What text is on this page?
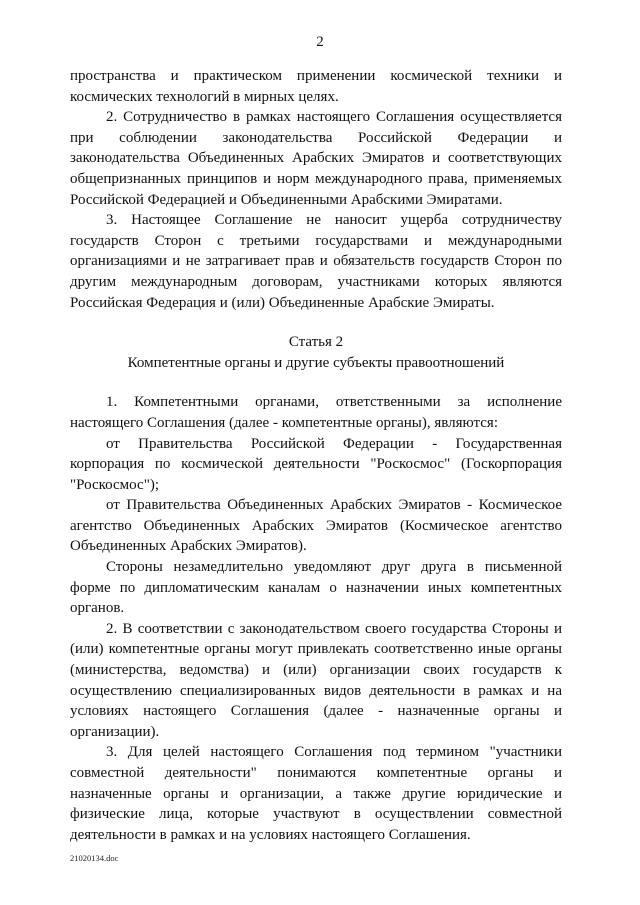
2

пространства и практическом применении космической техники и космических технологий в мирных целях.

2. Сотрудничество в рамках настоящего Соглашения осуществляется при соблюдении законодательства Российской Федерации и законодательства Объединенных Арабских Эмиратов и соответствующих общепризнанных принципов и норм международного права, применяемых Российской Федерацией и Объединенными Арабскими Эмиратами.

3. Настоящее Соглашение не наносит ущерба сотрудничеству государств Сторон с третьими государствами и международными организациями и не затрагивает прав и обязательств государств Сторон по другим международным договорам, участниками которых являются Российская Федерация и (или) Объединенные Арабские Эмираты.

Статья 2

Компетентные органы и другие субъекты правоотношений

1. Компетентными органами, ответственными за исполнение настоящего Соглашения (далее - компетентные органы), являются:

от Правительства Российской Федерации - Государственная корпорация по космической деятельности "Роскосмос" (Госкорпорация "Роскосмос");

от Правительства Объединенных Арабских Эмиратов - Космическое агентство Объединенных Арабских Эмиратов (Космическое агентство Объединенных Арабских Эмиратов).

Стороны незамедлительно уведомляют друг друга в письменной форме по дипломатическим каналам о назначении иных компетентных органов.

2. В соответствии с законодательством своего государства Стороны и (или) компетентные органы могут привлекать соответственно иные органы (министерства, ведомства) и (или) организации своих государств к осуществлению специализированных видов деятельности в рамках и на условиях настоящего Соглашения (далее - назначенные органы и организации).

3. Для целей настоящего Соглашения под термином "участники совместной деятельности" понимаются компетентные органы и назначенные органы и организации, а также другие юридические и физические лица, которые участвуют в осуществлении совместной деятельности в рамках и на условиях настоящего Соглашения.

21020134.doc
